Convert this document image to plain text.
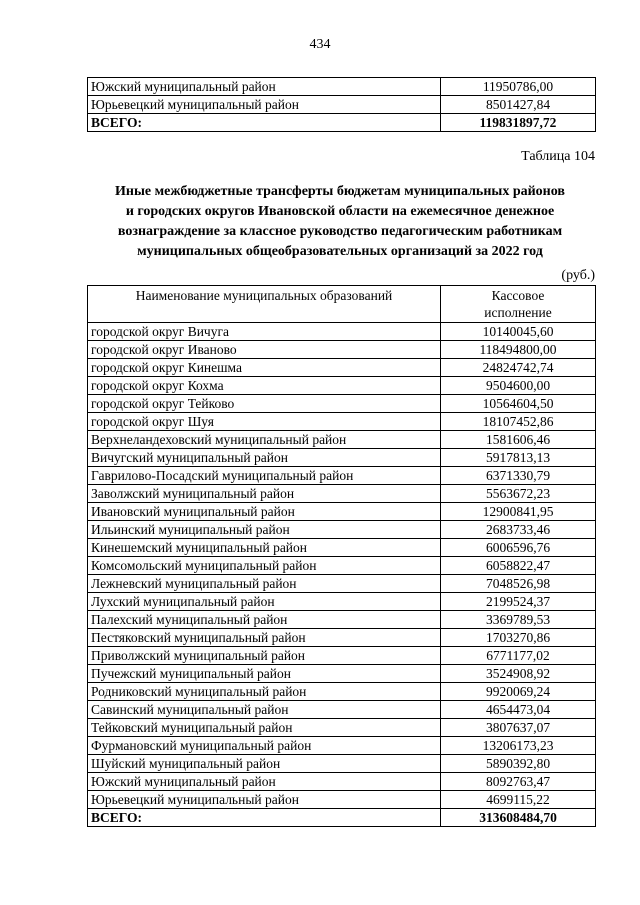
434
Южский муниципальный район	11950786,00
Юрьевецкий муниципальный район	8501427,84
ВСЕГО:	119831897,72
Таблица 104
Иные межбюджетные трансферты бюджетам муниципальных районов
и городских округов Ивановской области на ежемесячное денежное
вознаграждение за классное руководство педагогическим работникам
муниципальных общеобразовательных организаций за 2022 год
(руб.)
Наименование муниципальных образований	Кассовое
исполнение

городской округ Вичуга	10140045,60
городской округ Иваново	118494800,00
городской округ Кинешма	24824742,74
городской округ Кохма	9504600,00
городской округ Тейково	10564604,50
городской округ Шуя	18107452,86
Верхнеландеховский муниципальный район	1581606,46
Вичугский муниципальный район	5917813,13
Гаврилово-Посадский муниципальный район	6371330,79
Заволжский муниципальный район	5563672,23
Ивановский муниципальный район	12900841,95
Ильинский муниципальный район	2683733,46
Кинешемский муниципальный район	6006596,76
Комсомольский муниципальный район	6058822,47
Лежневский муниципальный район	7048526,98
Лухский муниципальный район	2199524,37
Палехский муниципальный район	3369789,53
Пестяковский муниципальный район	1703270,86
Приволжский муниципальный район	6771177,02
Пучежский муниципальный район	3524908,92
Родниковский муниципальный район	9920069,24
Савинский муниципальный район	4654473,04
Тейковский муниципальный район	3807637,07
Фурмановский муниципальный район	13206173,23
Шуйский муниципальный район	5890392,80
Южский муниципальный район	8092763,47
Юрьевецкий муниципальный район	4699115,22
ВСЕГО:	313608484,70
